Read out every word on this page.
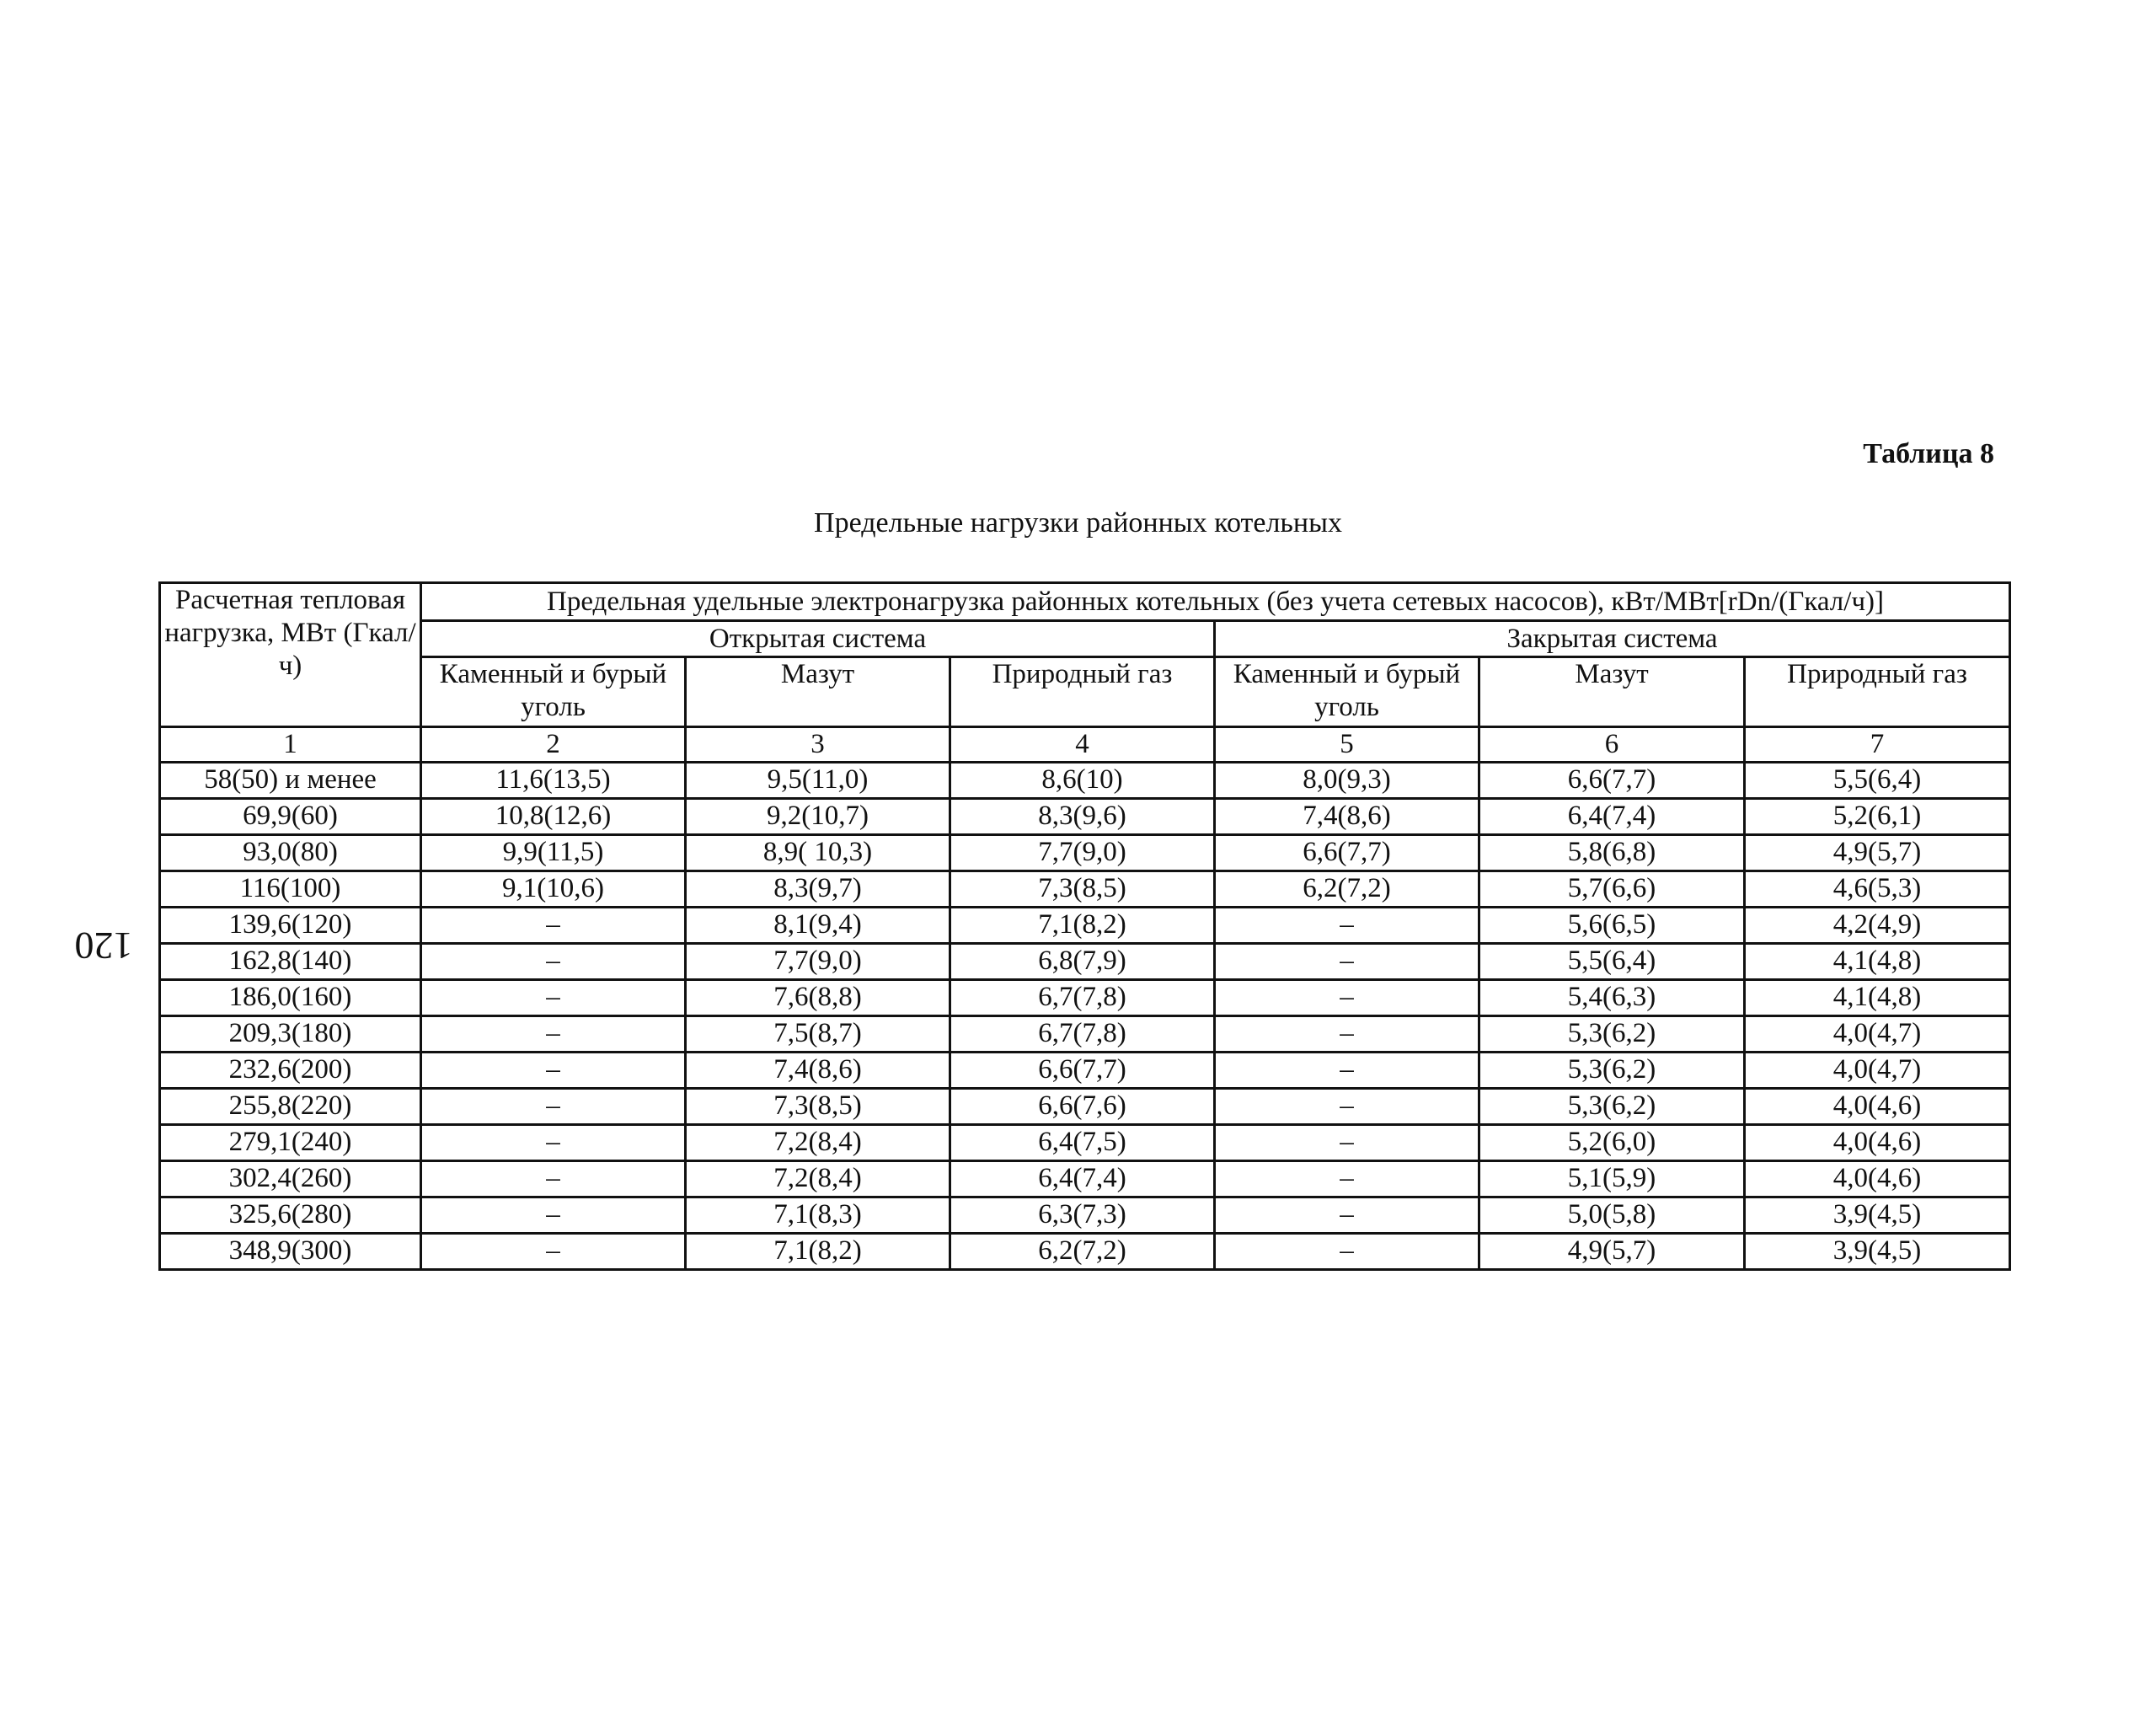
120
Таблица 8
Предельные нагрузки районных котельных
Расчетная тепловая нагрузка, МВт (Гкал/ч)	Предельная удельные электронагрузка районных котельных (без учета сетевых насосов), кВт/МВт[rDn/(Гкал/ч)]					
	Открытая система			Закрытая система		
	Каменный и бурый уголь	Мазут	Природный газ	Каменный и бурый уголь	Мазут	Природный газ
1	2	3	4	5	6	7
58(50) и менее	11,6(13,5)	9,5(11,0)	8,6(10)	8,0(9,3)	6,6(7,7)	5,5(6,4)
69,9(60)	10,8(12,6)	9,2(10,7)	8,3(9,6)	7,4(8,6)	6,4(7,4)	5,2(6,1)
93,0(80)	9,9(11,5)	8,9( 10,3)	7,7(9,0)	6,6(7,7)	5,8(6,8)	4,9(5,7)
116(100)	9,1(10,6)	8,3(9,7)	7,3(8,5)	6,2(7,2)	5,7(6,6)	4,6(5,3)
139,6(120)	–	8,1(9,4)	7,1(8,2)	–	5,6(6,5)	4,2(4,9)
162,8(140)	–	7,7(9,0)	6,8(7,9)	–	5,5(6,4)	4,1(4,8)
186,0(160)	–	7,6(8,8)	6,7(7,8)	–	5,4(6,3)	4,1(4,8)
209,3(180)	–	7,5(8,7)	6,7(7,8)	–	5,3(6,2)	4,0(4,7)
232,6(200)	–	7,4(8,6)	6,6(7,7)	–	5,3(6,2)	4,0(4,7)
255,8(220)	–	7,3(8,5)	6,6(7,6)	–	5,3(6,2)	4,0(4,6)
279,1(240)	–	7,2(8,4)	6,4(7,5)	–	5,2(6,0)	4,0(4,6)
302,4(260)	–	7,2(8,4)	6,4(7,4)	–	5,1(5,9)	4,0(4,6)
325,6(280)	–	7,1(8,3)	6,3(7,3)	–	5,0(5,8)	3,9(4,5)
348,9(300)	–	7,1(8,2)	6,2(7,2)	–	4,9(5,7)	3,9(4,5)
